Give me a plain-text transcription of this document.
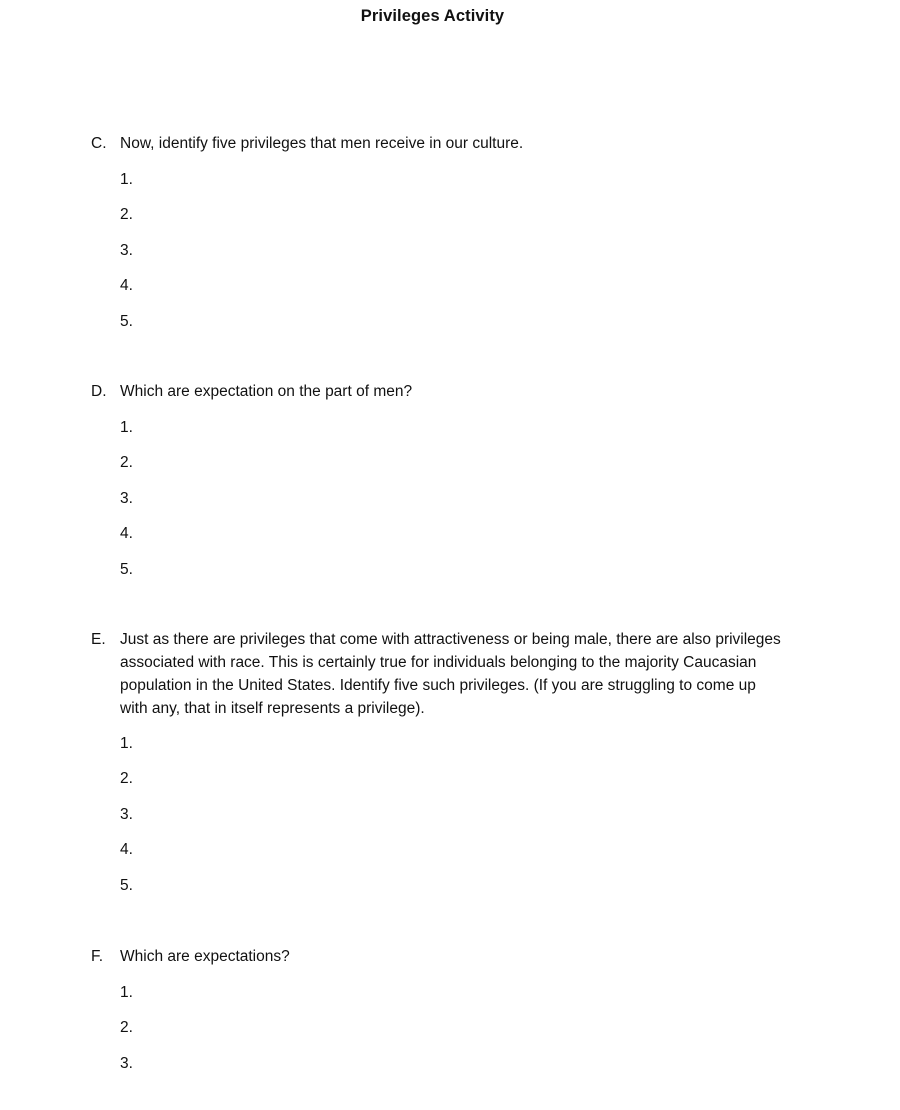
Privileges Activity
C. Now, identify five privileges that men receive in our culture.
1.
2.
3.
4.
5.
D. Which are expectation on the part of men?
1.
2.
3.
4.
5.
E. Just as there are privileges that come with attractiveness or being male, there are also privileges
associated with race. This is certainly true for individuals belonging to the majority Caucasian
population in the United States. Identify five such privileges. (If you are struggling to come up
with any, that in itself represents a privilege).
1.
2.
3.
4.
5.
F. Which are expectations?
1.
2.
3.
